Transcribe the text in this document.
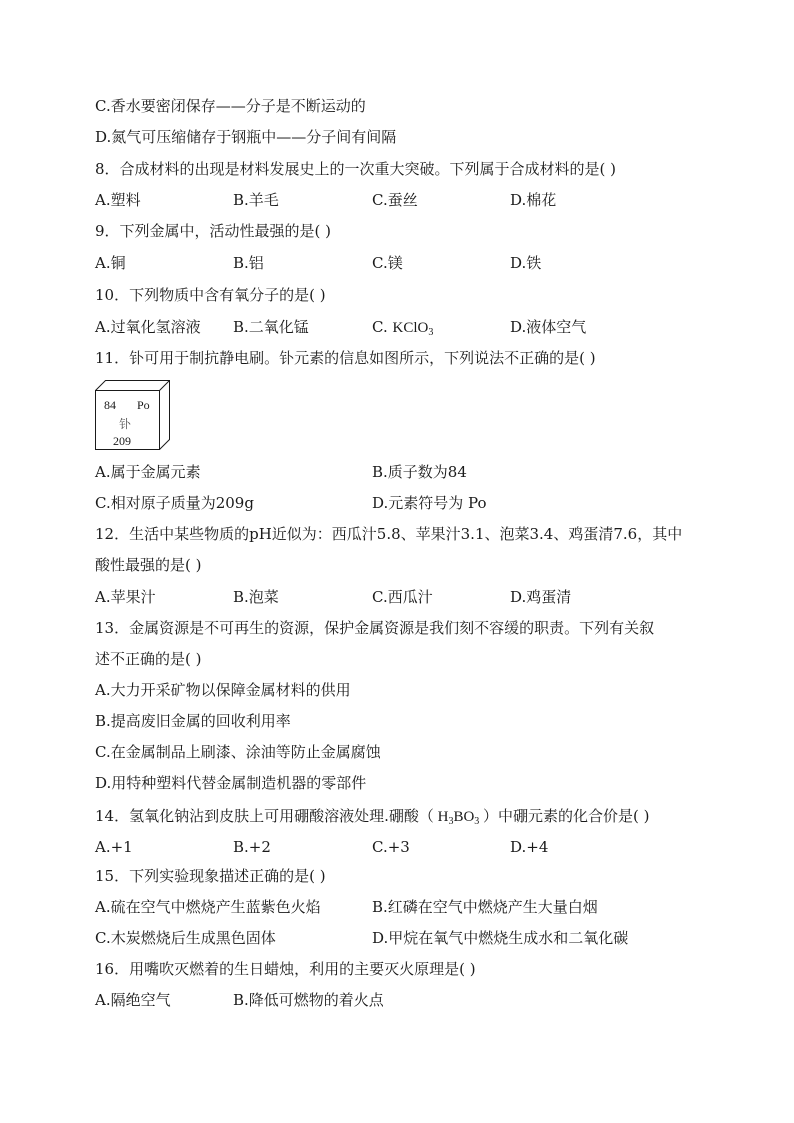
C.香水要密闭保存——分子是不断运动的
D.氮气可压缩储存于钢瓶中——分子间有间隔
8．合成材料的出现是材料发展史上的一次重大突破。下列属于合成材料的是( )
A.塑料	B.羊毛	C.蚕丝	D.棉花
9．下列金属中，活动性最强的是( )
A.铜	B.铝	C.镁	D.铁
10．下列物质中含有氧分子的是( )
A.过氧化氢溶液 B.二氧化锰	C. KClO$_3$	D.液体空气
11．钋可用于制抗静电刷。钋元素的信息如图所示，下列说法不正确的是( )
84 Po
钋
209
A.属于金属元素	B.质子数为84
C.相对原子质量为209g	D.元素符号为 Po
12．生活中某些物质的pH近似为：西瓜汁5.8、苹果汁3.1、泡菜3.4、鸡蛋清7.6，其中
酸性最强的是( )
A.苹果汁	B.泡菜	C.西瓜汁	D.鸡蛋清
13．金属资源是不可再生的资源，保护金属资源是我们刻不容缓的职责。下列有关叙
述不正确的是( )
A.大力开采矿物以保障金属材料的供用
B.提高废旧金属的回收利用率
C.在金属制品上刷漆、涂油等防止金属腐蚀
D.用特种塑料代替金属制造机器的零部件
14．氢氧化钠沾到皮肤上可用硼酸溶液处理.硼酸（ $H_3BO_3$ ）中硼元素的化合价是( )
A.+1	B.+2	C.+3	D.+4
15．下列实验现象描述正确的是( )
A.硫在空气中燃烧产生蓝紫色火焰	B.红磷在空气中燃烧产生大量白烟
C.木炭燃烧后生成黑色固体	D.甲烷在氧气中燃烧生成水和二氧化碳
16．用嘴吹灭燃着的生日蜡烛，利用的主要灭火原理是( )
A.隔绝空气	B.降低可燃物的着火点
